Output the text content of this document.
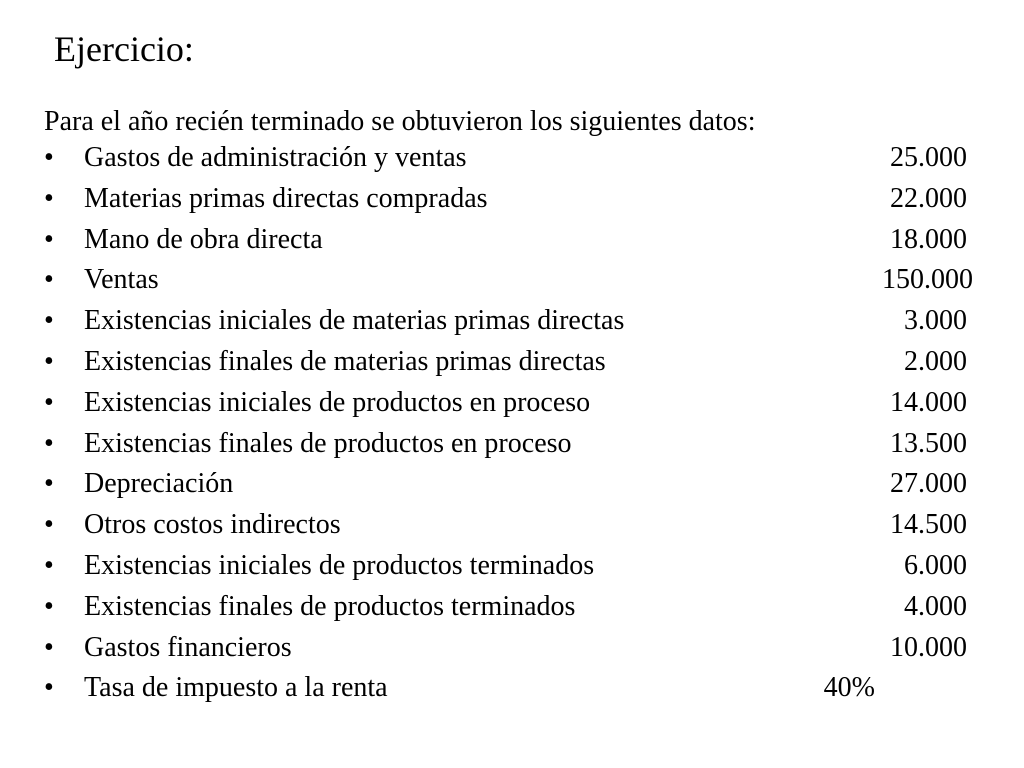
Ejercicio:
Para el año recién terminado se obtuvieron los siguientes datos:
• Gastos de administración y ventas	25.000
• Materias primas directas compradas	22.000
• Mano de obra directa	18.000
• Ventas	150.000
• Existencias iniciales de materias primas directas	3.000
• Existencias finales de materias primas directas	2.000
• Existencias iniciales de productos en proceso	14.000
• Existencias finales de productos en proceso	13.500
• Depreciación	27.000
• Otros costos indirectos	14.500
• Existencias iniciales de productos terminados	6.000
• Existencias finales de productos terminados	4.000
• Gastos financieros	10.000
• Tasa de impuesto a la renta	40%
